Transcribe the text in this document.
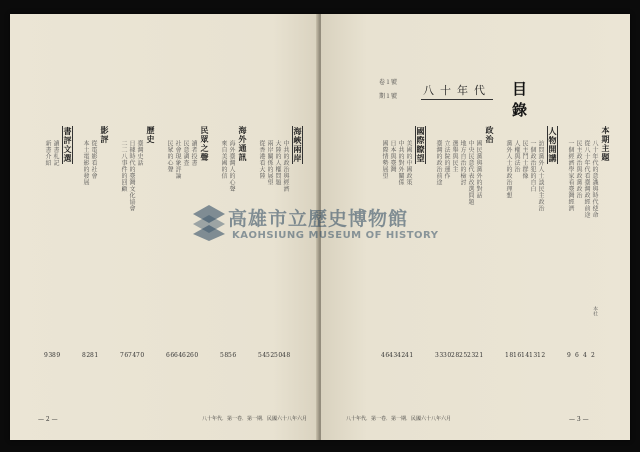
海峽兩岸
中共的政治與經濟
48
大陸的人權問題
50
兩岸關係的展望
52
從香港看大陸
54
海外通訊
海外臺灣人的心聲
56
來自美國的信
58
民眾之聲
讀者投書
60
民意調查
62
社會現象評論
64
民眾的心聲
66
歷史
臺灣史話
70
日據時代的臺灣文化協會
74
二二八事件的回顧
76
影評
從電影看社會
81
本土電影的發展
82
書評文選
讀書札記
89
新書介紹
93
目　錄
八十年代
卷１號
期１號
八十年代．第一卷．第一期．民國六十八年六月	— 3 —
本期主題
八十年代的意識與時代使命
本社
2
從八十年代看臺灣政經前途
4
民主政治與政黨政治
6
一個經濟學家看臺灣經濟
9
人物開講
訪問黨外人士談民主政治
12
一個政治犯的自白
13
民主鬥士群像
14
人權與法治
16
黨外人士的政治理想
18
政治
國民黨與黨外的對話
21
中央民意代表改選問題
23
地方自治的檢討
25
選舉與民主
28
立法院的運作
30
臺灣的政治前途
33
國際瞭望
美國的中國政策
41
中共的對外關係
42
日本與臺灣
43
國際情勢展望
46
八十年代．第一卷．第一期．民國六十八年六月
— 2 —
高雄市立歷史博物館
KAOHSIUNG MUSEUM OF HISTORY
